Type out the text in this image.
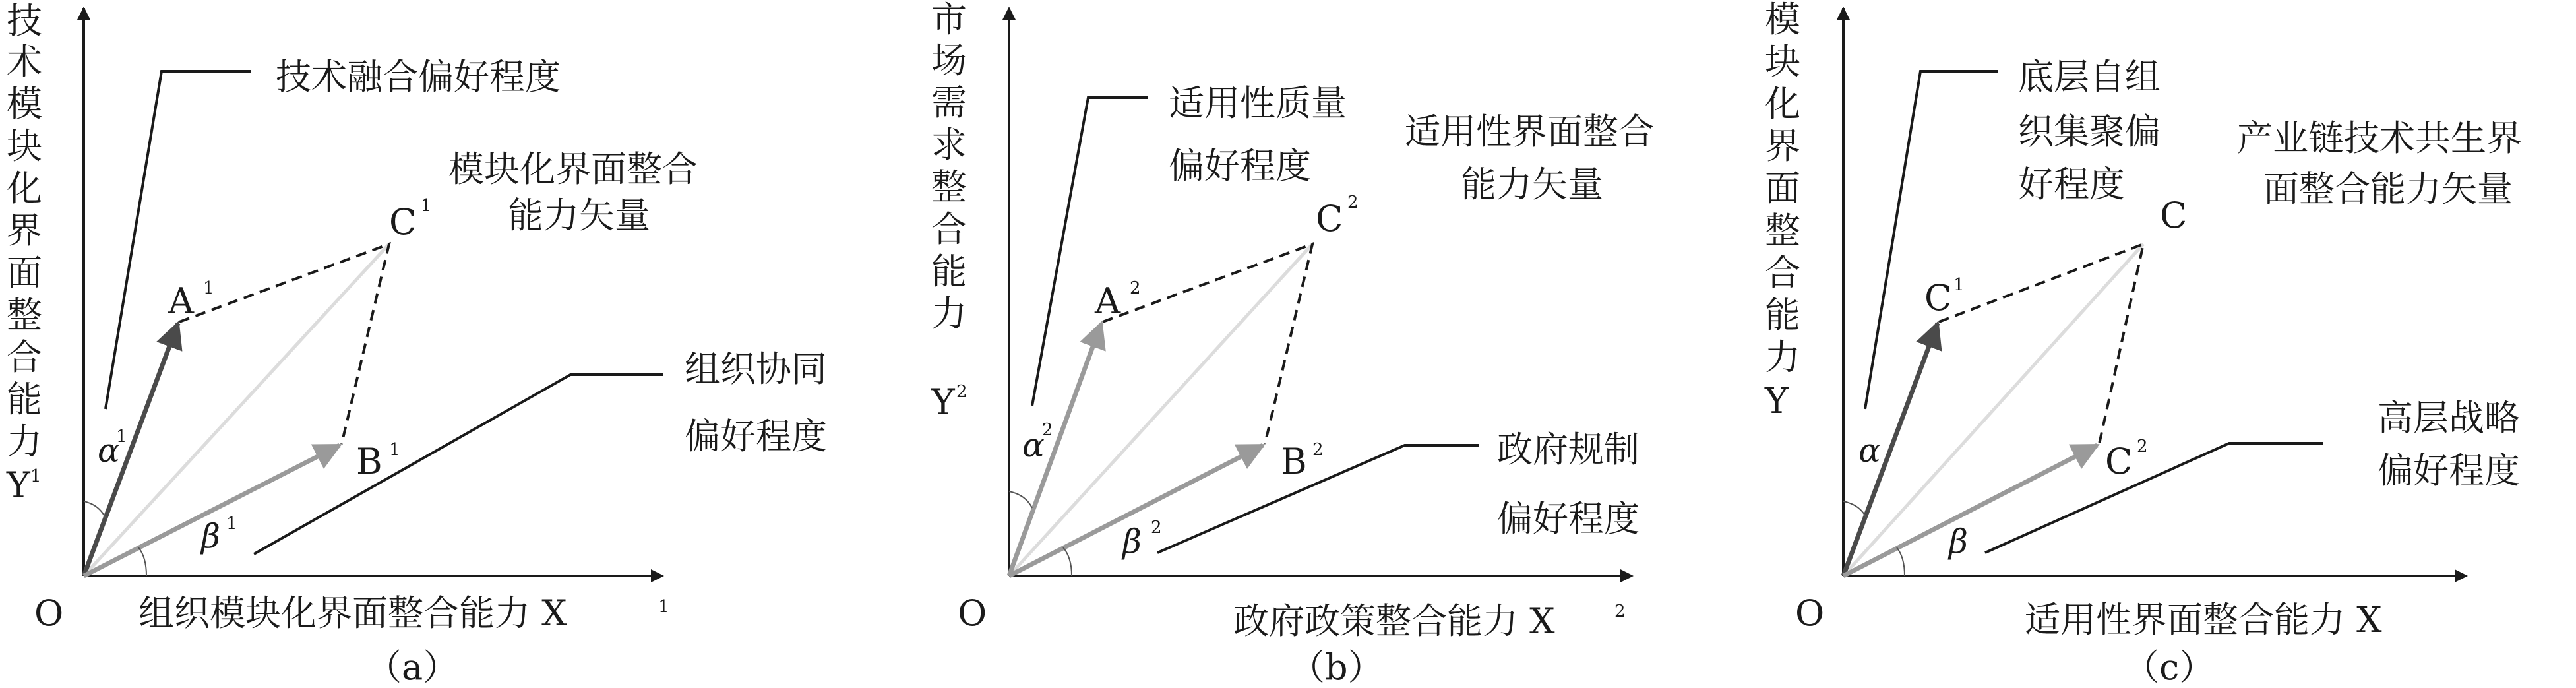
技
术
模
块
化
界
面
整
合
能
力
Y 1
O 组织模块化界面整合能力 X	1
（a）
技术融合偏好程度
模块化界面整合
能力矢量
组织协同
偏好程度
A 1
B 1
C 1
α
1
β 1
市
场
需
求
整
合
能
力
Y 2
O	政府政策整合能力 X	2
（b）
适用性质量
偏好程度
适用性界面整合
能力矢量
政府规制
偏好程度
A 2
B 2
C 2
α
2
β 2
模
块
化
界
面
整
合
能
力
Y
O	适用性界面整合能力 X
（c）
底层自组
织集聚偏
好程度
产业链技术共生界
面整合能力矢量
高层战略
偏好程度
C 1
C 2
C
α
β
